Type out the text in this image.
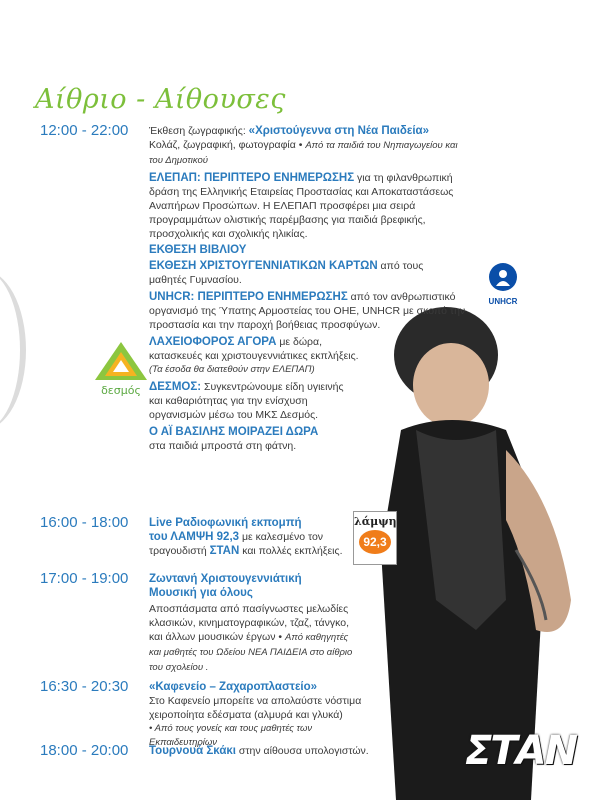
Αίθριο - Αίθουσες
12:00 - 22:00
16:00 - 18:00
17:00 - 19:00
16:30 - 20:30
18:00 - 20:00
Έκθεση ζωγραφικής: «Χριστούγεννα στη Νέα Παιδεία»
Κολάζ, ζωγραφική, φωτογραφία • Από τα παιδιά του Νηπιαγωγείου και του Δημοτικού
ΕΛΕΠΑΠ: ΠΕΡΙΠΤΕΡΟ ΕΝΗΜΕΡΩΣΗΣ για τη φιλανθρωπική δράση της Ελληνικής Εταιρείας Προστασίας και Αποκαταστάσεως Αναπήρων Προσώπων. Η ΕΛΕΠΑΠ προσφέρει μια σειρά προγραμμάτων ολιστικής παρέμβασης για παιδιά βρεφικής, προσχολικής και σχολικής ηλικίας.
ΕΚΘΕΣΗ ΒΙΒΛΙΟΥ
ΕΚΘΕΣΗ ΧΡΙΣΤΟΥΓΕΝΝΙΑΤΙΚΩΝ ΚΑΡΤΩΝ από τους μαθητές Γυμνασίου.
UNHCR: ΠΕΡΙΠΤΕΡΟ ΕΝΗΜΕΡΩΣΗΣ από τον ανθρωπιστικό οργανισμό της Ύπατης Αρμοστείας του ΟΗΕ, UNHCR με σκοπό την προστασία και την παροχή βοήθειας προσφύγων.
ΛΑΧΕΙΟΦΟΡΟΣ ΑΓΟΡΑ με δώρα, κατασκευές και χριστουγεννιάτικες εκπλήξεις.
(Τα έσοδα θα διατεθούν στην ΕΛΕΠΑΠ)
ΔΕΣΜΟΣ: Συγκεντρώνουμε είδη υγιεινής και καθαριότητας για την ενίσχυση οργανισμών μέσω του ΜΚΣ Δεσμός.
Ο ΑΪ ΒΑΣΙΛΗΣ ΜΟΙΡΑΖΕΙ ΔΩΡΑ
στα παιδιά μπροστά στη φάτνη.
δεσμός
UNHCR
Live Ραδιοφωνική εκπομπή
του ΛΑΜΨΗ 92,3 με καλεσμένο τον
τραγουδιστή ΣΤΑΝ και πολλές εκπλήξεις.
λάμψη
92,3
Ζωντανή Χριστουγεννιάτική
Μουσική για όλους
Αποσπάσματα από πασίγνωστες μελωδίες κλασικών, κινηματογραφικών, τζαζ, τάνγκο, και άλλων μουσικών έργων • Από καθηγητές και μαθητές του Ωδείου ΝΕΑ ΠΑΙΔΕΙΑ στο αίθριο του σχολείου .
«Καφενείο – Ζαχαροπλαστείο»
Στο Καφενείο μπορείτε να απολαύστε νόστιμα χειροποίητα εδέσματα (αλμυρά και γλυκά)
• Από τους γονείς και τους μαθητές των Εκπαιδευτηρίων
Τουρνουά Σκάκι στην αίθουσα υπολογιστών.	ΣΤΑΝ
